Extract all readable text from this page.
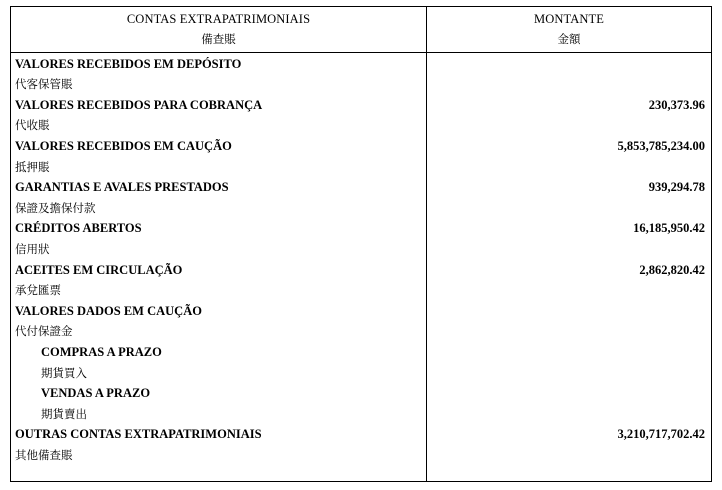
CONTAS EXTRAPATRIMONIAIS
備查賬
MONTANTE
金額
VALORES RECEBIDOS EM DEPÓSITO
代客保管賬
VALORES RECEBIDOS PARA COBRANÇA	230,373.96
代收賬
VALORES RECEBIDOS EM CAUÇÃO	5,853,785,234.00
抵押賬
GARANTIAS E AVALES PRESTADOS	939,294.78
保證及擔保付款
CRÉDITOS ABERTOS	16,185,950.42
信用狀
ACEITES EM CIRCULAÇÃO	2,862,820.42
承兌匯票
VALORES DADOS EM CAUÇÃO
代付保證金
COMPRAS A PRAZO
期貨買入
VENDAS A PRAZO
期貨賣出
OUTRAS CONTAS EXTRAPATRIMONIAIS	3,210,717,702.42
其他備查賬
